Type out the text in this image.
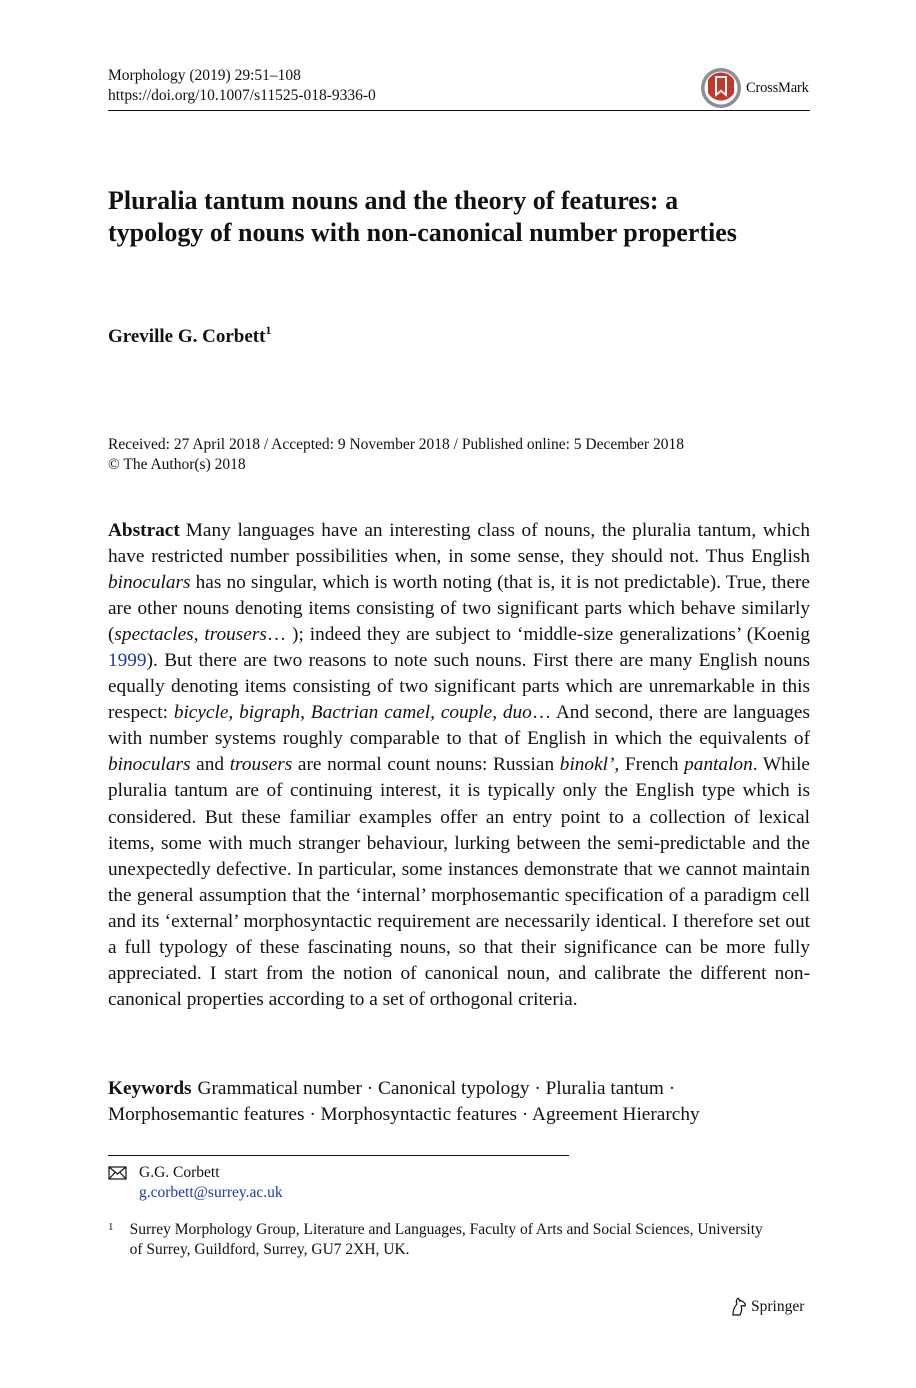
Morphology (2019) 29:51–108
https://doi.org/10.1007/s11525-018-9336-0	CrossMark
Pluralia tantum nouns and the theory of features: a typology of nouns with non-canonical number properties
Greville G. Corbett$^1$
Received: 27 April 2018 / Accepted: 9 November 2018 / Published online: 5 December 2018
© The Author(s) 2018

Abstract Many languages have an interesting class of nouns, the pluralia tantum, which have restricted number possibilities when, in some sense, they should not. Thus English binoculars has no singular, which is worth noting (that is, it is not predictable). True, there are other nouns denoting items consisting of two significant parts which behave similarly (spectacles, trousers… ); indeed they are subject to ‘middle-size generalizations’ (Koenig 1999). But there are two reasons to note such nouns. First there are many English nouns equally denoting items consisting of two significant parts which are unremarkable in this respect: bicycle, bigraph, Bactrian camel, couple, duo… And second, there are languages with number systems roughly comparable to that of English in which the equivalents of binoculars and trousers are normal count nouns: Russian binokl’, French pantalon. While pluralia tantum are of continuing interest, it is typically only the English type which is considered. But these familiar examples offer an entry point to a collection of lexical items, some with much stranger behaviour, lurking between the semi-predictable and the unexpectedly defective. In particular, some instances demonstrate that we cannot maintain the general assumption that the ‘internal’ morphosemantic specification of a paradigm cell and its ‘external’ morphosyntactic requirement are necessarily identical. I therefore set out a full typology of these fascinating nouns, so that their significance can be more fully appreciated. I start from the notion of canonical noun, and calibrate the different non-canonical properties according to a set of orthogonal criteria.

Keywords Grammatical number · Canonical typology · Pluralia tantum · Morphosemantic features · Morphosyntactic features · Agreement Hierarchy

G.G. Corbett
g.corbett@surrey.ac.uk
1	Surrey Morphology Group, Literature and Languages, Faculty of Arts and Social Sciences, University of Surrey, Guildford, Surrey, GU7 2XH, UK.
Springer
